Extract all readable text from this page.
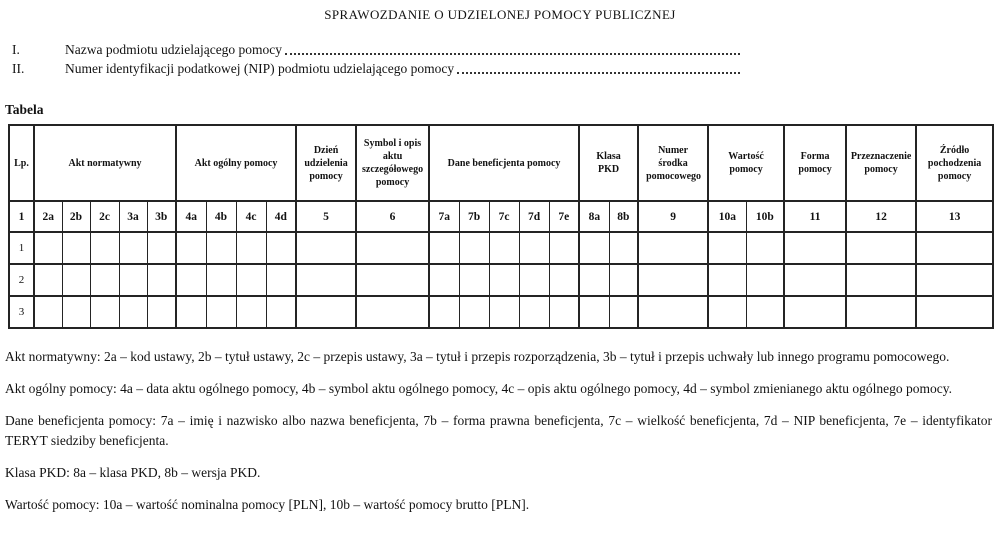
SPRAWOZDANIE O UDZIELONEJ POMOCY PUBLICZNEJ
I.	Nazwa podmiotu udzielającego pomocy
II.	Numer identyfikacji podatkowej (NIP) podmiotu udzielającego pomocy
Tabela
Lp.	Akt normatywny					Akt ogólny pomocy				Dzień udzielenia pomocy	Symbol i opis aktu szczegółowego pomocy	Dane beneficjenta pomocy					Klasa PKD		Numer środka pomocowego	Wartość pomocy		Forma pomocy	Przeznaczenie pomocy	Źródło pochodzenia pomocy
1	2a	2b	2c	3a	3b	4a	4b	4c	4d	5	6	7a	7b	7c	7d	7e	8a	8b	9	10a	10b	11	12	13
1																								
2																								
3																								

Akt normatywny: 2a – kod ustawy, 2b – tytuł ustawy, 2c – przepis ustawy, 3a – tytuł i przepis rozporządzenia, 3b – tytuł i przepis uchwały lub innego programu pomocowego.

Akt ogólny pomocy: 4a – data aktu ogólnego pomocy, 4b – symbol aktu ogólnego pomocy, 4c – opis aktu ogólnego pomocy, 4d – symbol zmienianego aktu ogólnego pomocy.

Dane beneficjenta pomocy: 7a – imię i nazwisko albo nazwa beneficjenta, 7b – forma prawna beneficjenta, 7c – wielkość beneficjenta, 7d – NIP beneficjenta, 7e – identyfikator TERYT siedziby beneficjenta.

Klasa PKD: 8a – klasa PKD, 8b – wersja PKD.

Wartość pomocy: 10a – wartość nominalna pomocy [PLN], 10b – wartość pomocy brutto [PLN].
